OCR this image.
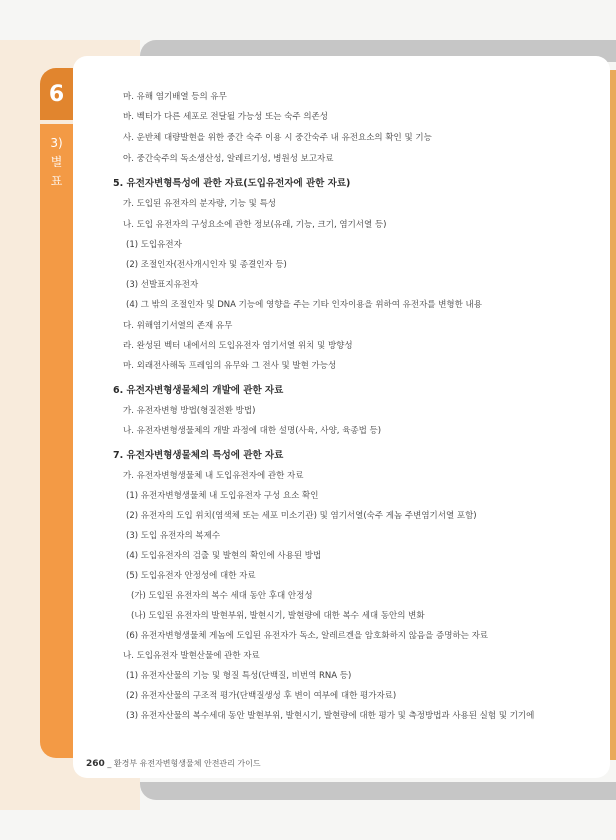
6
3)
별
표
마. 유해 염기배열 등의 유무
바. 벡터가 다른 세포로 전달될 가능성 또는 숙주 의존성
사. 운반체 대량발현을 위한 중간 숙주 이용 시 중간숙주 내 유전요소의 확인 및 기능
아. 중간숙주의 독소생산성, 알레르기성, 병원성 보고자료
5. 유전자변형특성에 관한 자료(도입유전자에 관한 자료)
가. 도입된 유전자의 분자량, 기능 및 특성
나. 도입 유전자의 구성요소에 관한 정보(유래, 기능, 크기, 염기서열 등)
(1) 도입유전자
(2) 조절인자(전사개시인자 및 종결인자 등)
(3) 선발표지유전자
(4) 그 밖의 조절인자 및 DNA 기능에 영향을 주는 기타 인자이용을 위하여 유전자를 변형한 내용
다. 위해염기서열의 존재 유무
라. 완성된 벡터 내에서의 도입유전자 염기서열 위치 및 방향성
마. 외래전사해독 프레임의 유무와 그 전사 및 발현 가능성
6. 유전자변형생물체의 개발에 관한 자료
가. 유전자변형 방법(형질전환 방법)
나. 유전자변형생물체의 개발 과정에 대한 설명(사육, 사양, 육종법 등)
7. 유전자변형생물체의 특성에 관한 자료
가. 유전자변형생물체 내 도입유전자에 관한 자료
(1) 유전자변형생물체 내 도입유전자 구성 요소 확인
(2) 유전자의 도입 위치(염색체 또는 세포 미소기관) 및 염기서열(숙주 게놈 주변염기서열 포함)
(3) 도입 유전자의 복제수
(4) 도입유전자의 검출 및 발현의 확인에 사용된 방법
(5) 도입유전자 안정성에 대한 자료
(가) 도입된 유전자의 복수 세대 동안 후대 안정성
(나) 도입된 유전자의 발현부위, 발현시기, 발현량에 대한 복수 세대 동안의 변화
(6) 유전자변형생물체 게놈에 도입된 유전자가 독소, 알레르겐을 암호화하지 않음을 증명하는 자료
나. 도입유전자 발현산물에 관한 자료
(1) 유전자산물의 기능 및 형질 특성(단백질, 비번역 RNA 등)
(2) 유전자산물의 구조적 평가(단백질생성 후 변이 여부에 대한 평가자료)
(3) 유전자산물의 복수세대 동안 발현부위, 발현시기, 발현량에 대한 평가 및 측정방법과 사용된 실험 및 기기에
260 _ 환경부 유전자변형생물체 안전관리 가이드
